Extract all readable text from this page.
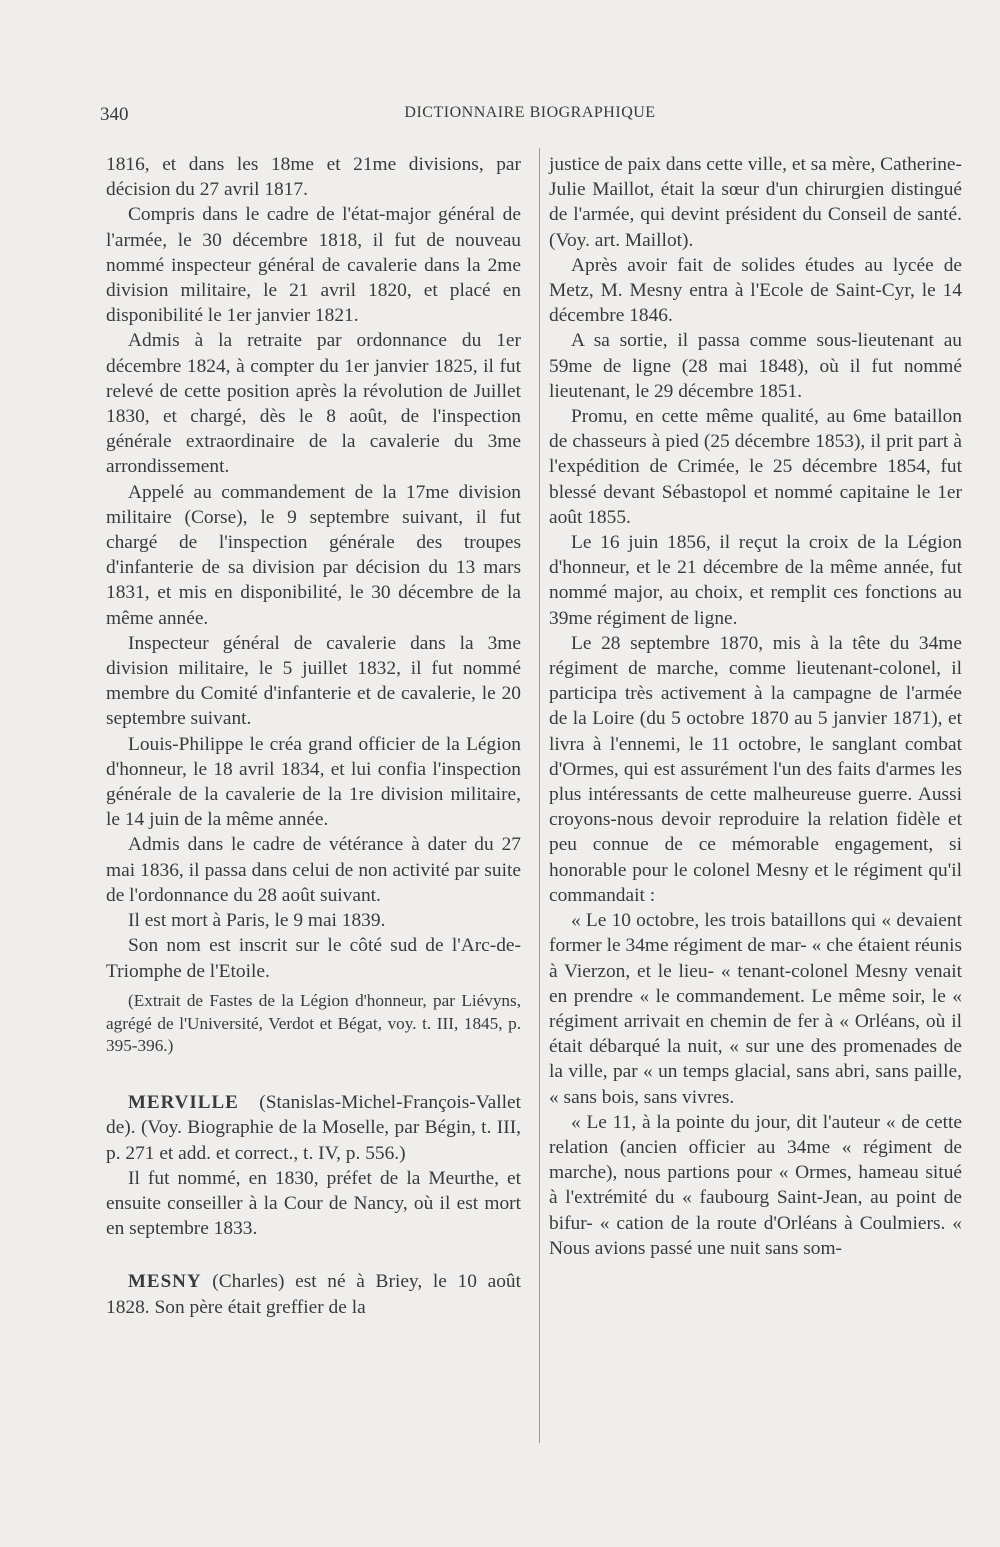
340	DICTIONNAIRE BIOGRAPHIQUE

1816, et dans les 18me et 21me divisions, par décision du 27 avril 1817.

Compris dans le cadre de l'état-major général de l'armée, le 30 décembre 1818, il fut de nouveau nommé inspecteur général de cavalerie dans la 2me division militaire, le 21 avril 1820, et placé en disponibilité le 1er janvier 1821.

Admis à la retraite par ordonnance du 1er décembre 1824, à compter du 1er janvier 1825, il fut relevé de cette position après la révolution de Juillet 1830, et chargé, dès le 8 août, de l'inspection générale extraordinaire de la cavalerie du 3me arrondissement.

Appelé au commandement de la 17me division militaire (Corse), le 9 septembre suivant, il fut chargé de l'inspection générale des troupes d'infanterie de sa division par décision du 13 mars 1831, et mis en disponibilité, le 30 décembre de la même année.

Inspecteur général de cavalerie dans la 3me division militaire, le 5 juillet 1832, il fut nommé membre du Comité d'infanterie et de cavalerie, le 20 septembre suivant.

Louis-Philippe le créa grand officier de la Légion d'honneur, le 18 avril 1834, et lui confia l'inspection générale de la cavalerie de la 1re division militaire, le 14 juin de la même année.

Admis dans le cadre de vétérance à dater du 27 mai 1836, il passa dans celui de non activité par suite de l'ordonnance du 28 août suivant.

Il est mort à Paris, le 9 mai 1839.

Son nom est inscrit sur le côté sud de l'Arc-de-Triomphe de l'Etoile.

(Extrait de Fastes de la Légion d'honneur, par Liévyns, agrégé de l'Université, Verdot et Bégat, voy. t. III, 1845, p. 395-396.)

MERVILLE (Stanislas-Michel-François-Vallet de). (Voy. Biographie de la Moselle, par Bégin, t. III, p. 271 et add. et correct., t. IV, p. 556.)

Il fut nommé, en 1830, préfet de la Meurthe, et ensuite conseiller à la Cour de Nancy, où il est mort en septembre 1833.

MESNY (Charles) est né à Briey, le 10 août 1828. Son père était greffier de la

justice de paix dans cette ville, et sa mère, Catherine-Julie Maillot, était la sœur d'un chirurgien distingué de l'armée, qui devint président du Conseil de santé. (Voy. art. Maillot).

Après avoir fait de solides études au lycée de Metz, M. Mesny entra à l'Ecole de Saint-Cyr, le 14 décembre 1846.

A sa sortie, il passa comme sous-lieutenant au 59me de ligne (28 mai 1848), où il fut nommé lieutenant, le 29 décembre 1851.

Promu, en cette même qualité, au 6me bataillon de chasseurs à pied (25 décembre 1853), il prit part à l'expédition de Crimée, le 25 décembre 1854, fut blessé devant Sébastopol et nommé capitaine le 1er août 1855.

Le 16 juin 1856, il reçut la croix de la Légion d'honneur, et le 21 décembre de la même année, fut nommé major, au choix, et remplit ces fonctions au 39me régiment de ligne.

Le 28 septembre 1870, mis à la tête du 34me régiment de marche, comme lieutenant-colonel, il participa très activement à la campagne de l'armée de la Loire (du 5 octobre 1870 au 5 janvier 1871), et livra à l'ennemi, le 11 octobre, le sanglant combat d'Ormes, qui est assurément l'un des faits d'armes les plus intéressants de cette malheureuse guerre. Aussi croyons-nous devoir reproduire la relation fidèle et peu connue de ce mémorable engagement, si honorable pour le colonel Mesny et le régiment qu'il commandait :

« Le 10 octobre, les trois bataillons qui « devaient former le 34me régiment de mar- « che étaient réunis à Vierzon, et le lieu- « tenant-colonel Mesny venait en prendre « le commandement. Le même soir, le « régiment arrivait en chemin de fer à « Orléans, où il était débarqué la nuit, « sur une des promenades de la ville, par « un temps glacial, sans abri, sans paille, « sans bois, sans vivres.

« Le 11, à la pointe du jour, dit l'auteur « de cette relation (ancien officier au 34me « régiment de marche), nous partions pour « Ormes, hameau situé à l'extrémité du « faubourg Saint-Jean, au point de bifur- « cation de la route d'Orléans à Coulmiers. « Nous avions passé une nuit sans som-
